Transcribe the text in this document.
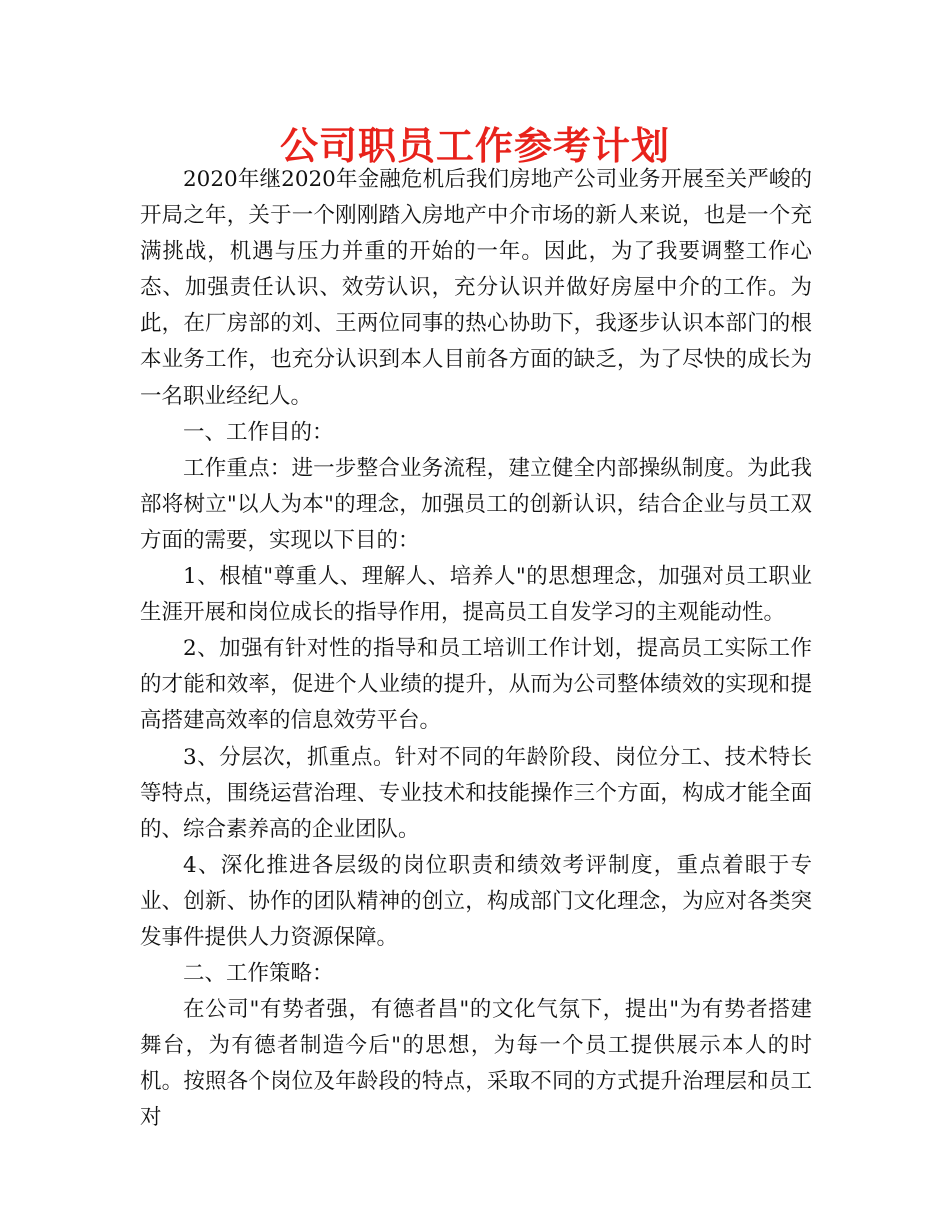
公司职员工作参考计划

2020年继2020年金融危机后我们房地产公司业务开展至关严峻的开局之年，关于一个刚刚踏入房地产中介市场的新人来说，也是一个充满挑战，机遇与压力并重的开始的一年。因此，为了我要调整工作心态、加强责任认识、效劳认识，充分认识并做好房屋中介的工作。为此，在厂房部的刘、王两位同事的热心协助下，我逐步认识本部门的根本业务工作，也充分认识到本人目前各方面的缺乏，为了尽快的成长为一名职业经纪人。

一、工作目的：

工作重点：进一步整合业务流程，建立健全内部操纵制度。为此我部将树立"以人为本"的理念，加强员工的创新认识，结合企业与员工双方面的需要，实现以下目的：

1、根植"尊重人、理解人、培养人"的思想理念，加强对员工职业生涯开展和岗位成长的指导作用，提高员工自发学习的主观能动性。

2、加强有针对性的指导和员工培训工作计划，提高员工实际工作的才能和效率，促进个人业绩的提升，从而为公司整体绩效的实现和提高搭建高效率的信息效劳平台。

3、分层次，抓重点。针对不同的年龄阶段、岗位分工、技术特长等特点，围绕运营治理、专业技术和技能操作三个方面，构成才能全面的、综合素养高的企业团队。

4、深化推进各层级的岗位职责和绩效考评制度，重点着眼于专业、创新、协作的团队精神的创立，构成部门文化理念，为应对各类突发事件提供人力资源保障。

二、工作策略：

在公司"有势者强，有德者昌"的文化气氛下，提出"为有势者搭建舞台，为有德者制造今后"的思想，为每一个员工提供展示本人的时机。按照各个岗位及年龄段的特点，采取不同的方式提升治理层和员工对
